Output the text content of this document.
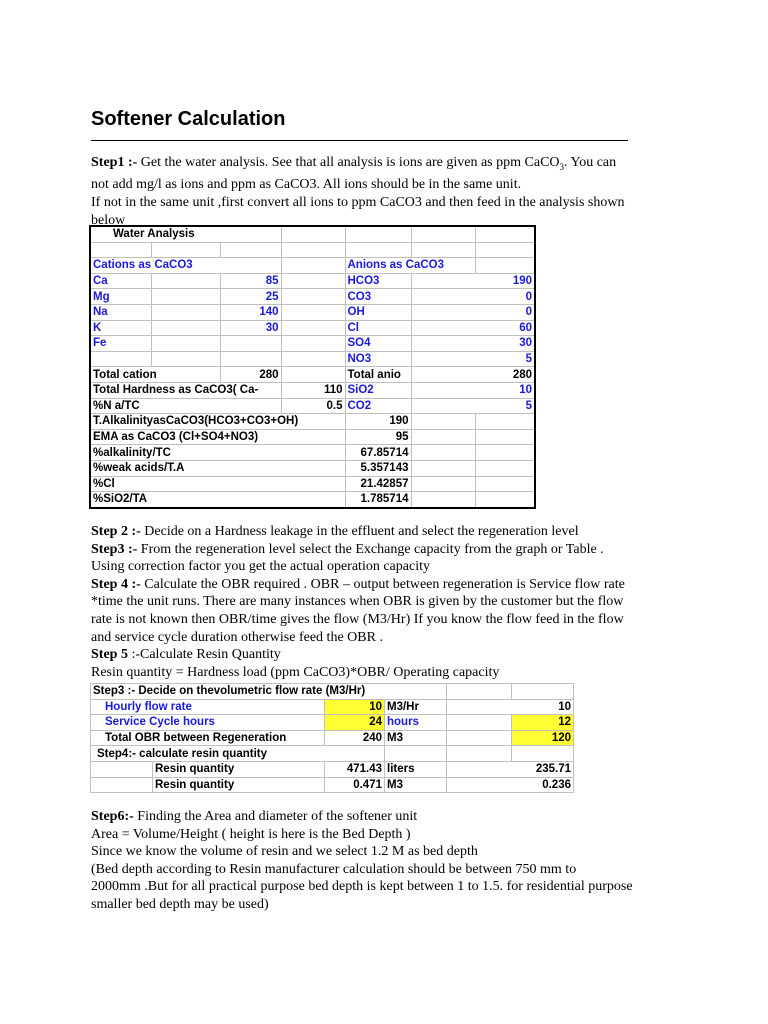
Softener Calculation
Step1 :- Get the water analysis. See that all analysis is ions are given as ppm CaCO$_3$. You can
not add mg/l as ions and ppm as CaCO3. All ions should be in the same unit.
If not in the same unit ,first convert all ions to ppm CaCO3 and then feed in the analysis shown
below
Water Analysis						

Cations as CaCO3				Anions as CaCO3		
Ca		85		HCO3	190	
Mg		25		CO3	0	
Na		140		OH	0	
K		30		Cl	60	
Fe				SO4	30	
				NO3	5	
Total cation		280		Total anio	280	
Total Hardness as CaCO3( Ca-			110	SiO2	10	
%N a/TC			0.5	CO2	5	
T.AlkalinityasCaCO3(HCO3+CO3+OH)				190		
EMA as CaCO3 (Cl+SO4+NO3)				95		
%alkalinity/TC				67.85714		
%weak acids/T.A				5.357143		
%Cl				21.42857		
%SiO2/TA				1.785714		
Step 2 :- Decide on a Hardness leakage in the effluent and select the regeneration level
Step3 :- From the regeneration level select the Exchange capacity from the graph or Table .
Using correction factor you get the actual operation capacity
Step 4 :- Calculate the OBR required . OBR – output between regeneration is Service flow rate
*time the unit runs. There are many instances when OBR is given by the customer but the flow
rate is not known then OBR/time gives the flow (M3/Hr) If you know the flow feed in the flow
and service cycle duration otherwise feed the OBR .
Step 5 :-Calculate Resin Quantity
Resin quantity = Hardness load (ppm CaCO3)*OBR/ Operating capacity
Step3 :- Decide on thevolumetric flow rate (M3/Hr)					
Hourly flow rate		10	M3/Hr	10	
Service Cycle hours		24	hours		12
Total OBR between Regeneration		240	M3		120
Step4:- calculate resin quantity					
	Resin quantity	471.43	liters	235.71	
	Resin quantity	0.471	M3	0.236	
Step6:- Finding the Area and diameter of the softener unit
Area = Volume/Height ( height is here is the Bed Depth )
Since we know the volume of resin and we select 1.2 M as bed depth
(Bed depth according to Resin manufacturer calculation should be between 750 mm to
2000mm .But for all practical purpose bed depth is kept between 1 to 1.5. for residential purpose
smaller bed depth may be used)
